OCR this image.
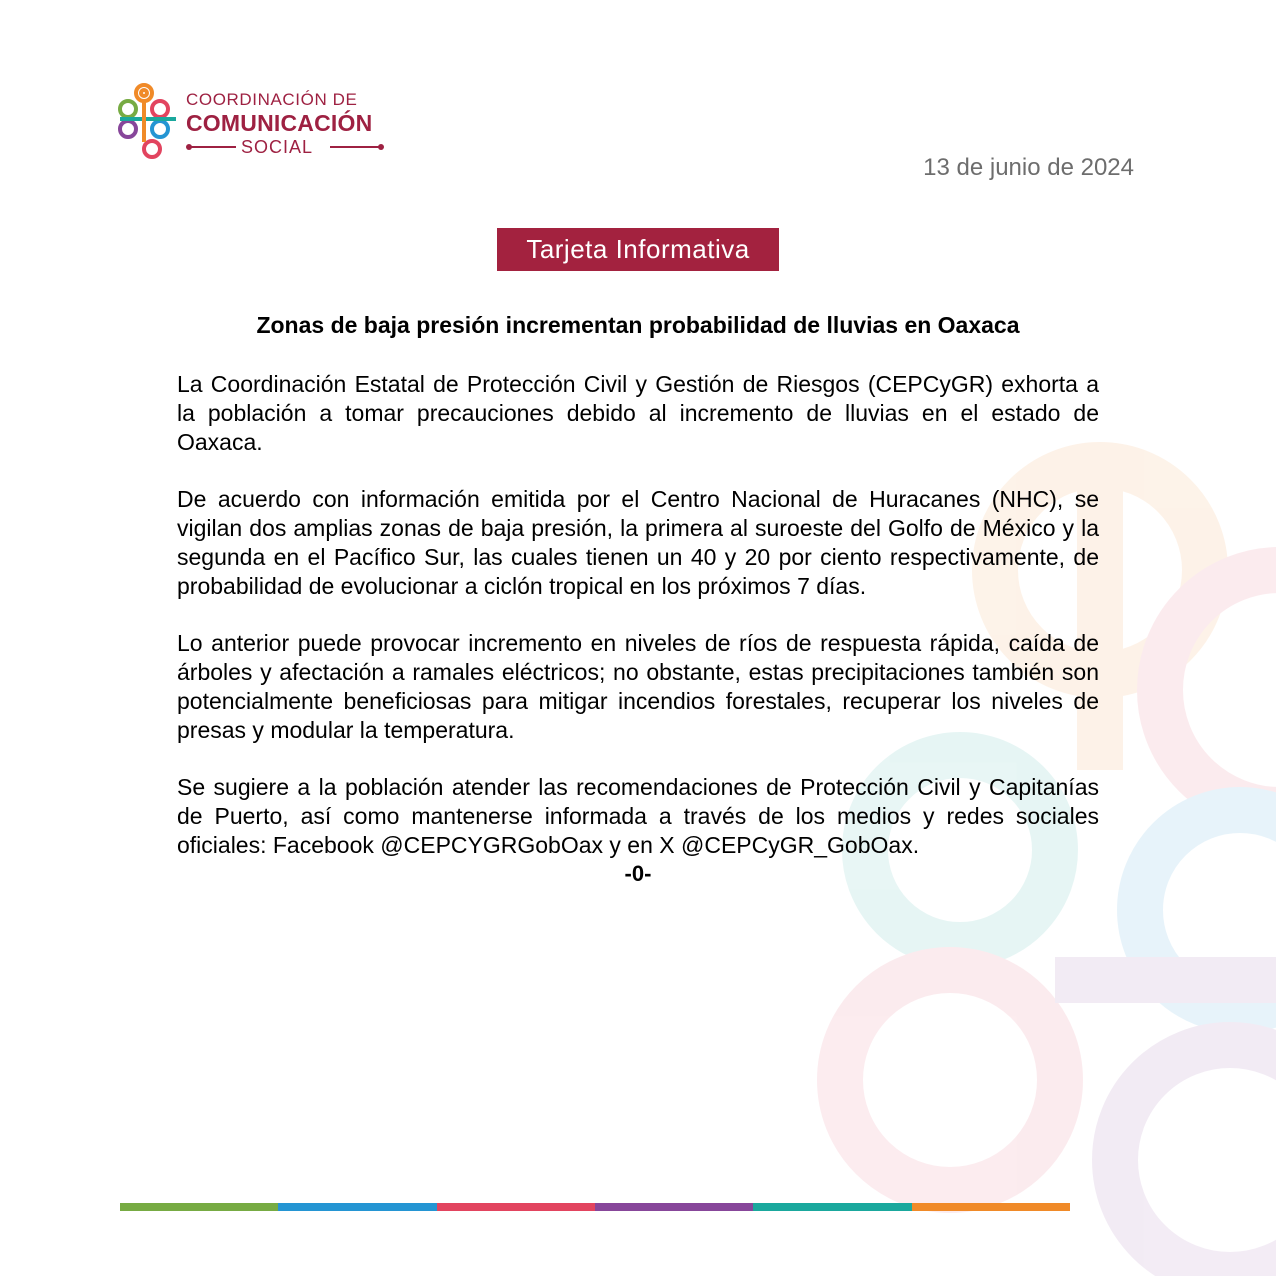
COORDINACIÓN DE
COMUNICACIÓN
SOCIAL
13 de junio de 2024
Tarjeta Informativa
Zonas de baja presión incrementan probabilidad de lluvias en Oaxaca

La Coordinación Estatal de Protección Civil y Gestión de Riesgos (CEPCyGR) exhorta a la población a tomar precauciones debido al incremento de lluvias en el estado de Oaxaca.

De acuerdo con información emitida por el Centro Nacional de Huracanes (NHC), se vigilan dos amplias zonas de baja presión, la primera al suroeste del Golfo de México y la segunda en el Pacífico Sur, las cuales tienen un 40 y 20 por ciento respectivamente, de probabilidad de evolucionar a ciclón tropical en los próximos 7 días.

Lo anterior puede provocar incremento en niveles de ríos de respuesta rápida, caída de árboles y afectación a ramales eléctricos; no obstante, estas precipitaciones también son potencialmente beneficiosas para mitigar incendios forestales, recuperar los niveles de presas y modular la temperatura.

Se sugiere a la población atender las recomendaciones de Protección Civil y Capitanías de Puerto, así como mantenerse informada a través de los medios y redes sociales oficiales: Facebook @CEPCYGRGobOax y en X @CEPCyGR_GobOax.

-0-
